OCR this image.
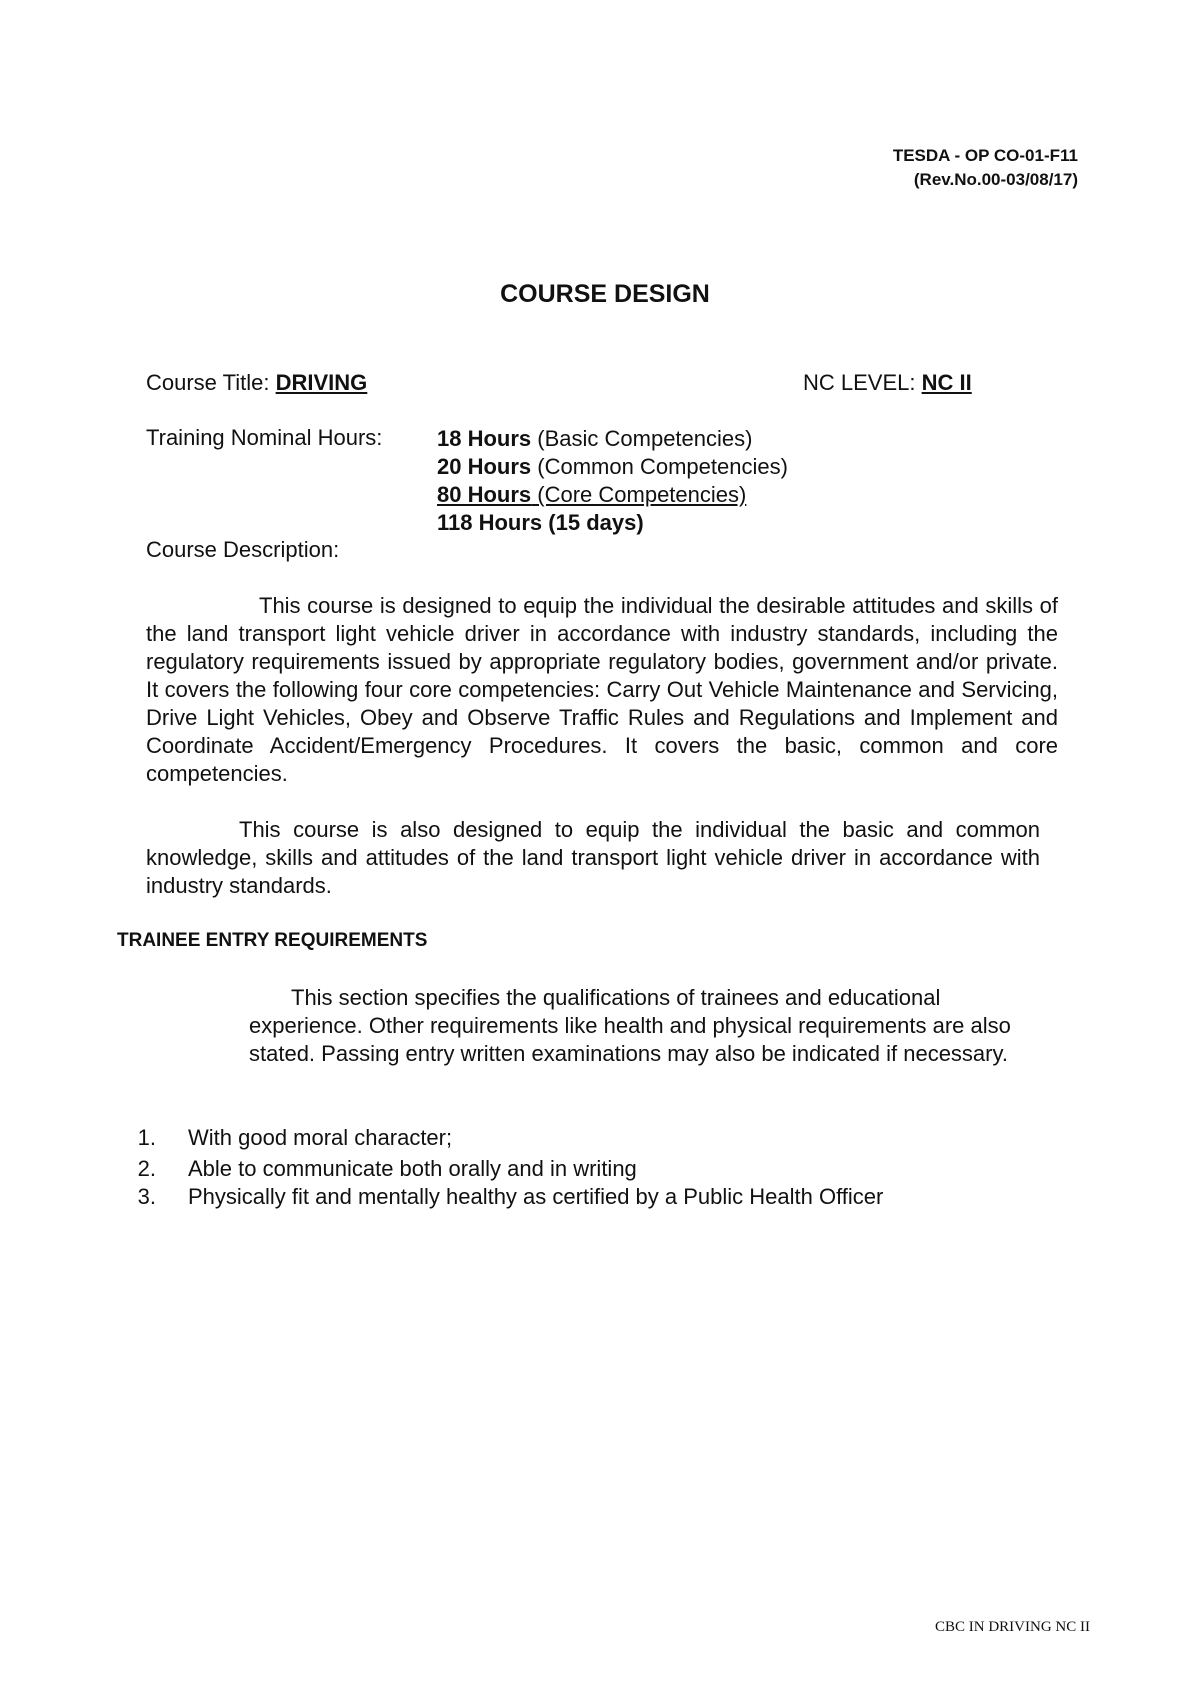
TESDA - OP CO-01-F11
(Rev.No.00-03/08/17)
COURSE DESIGN
Course Title: DRIVING	NC LEVEL: NC II
Training Nominal Hours: 18 Hours (Basic Competencies)
20 Hours (Common Competencies)
80 Hours (Core Competencies)
118 Hours (15 days)
Course Description:
This course is designed to equip the individual the desirable attitudes and skills of the land transport light vehicle driver in accordance with industry standards, including the regulatory requirements issued by appropriate regulatory bodies, government and/or private. It covers the following four core competencies: Carry Out Vehicle Maintenance and Servicing, Drive Light Vehicles, Obey and Observe Traffic Rules and Regulations and Implement and Coordinate Accident/Emergency Procedures. It covers the basic, common and core competencies.
This course is also designed to equip the individual the basic and common knowledge, skills and attitudes of the land transport light vehicle driver in accordance with industry standards.
TRAINEE ENTRY REQUIREMENTS
This section specifies the qualifications of trainees and educational experience. Other requirements like health and physical requirements are also stated. Passing entry written examinations may also be indicated if necessary.
1. With good moral character;
2. Able to communicate both orally and in writing
3. Physically fit and mentally healthy as certified by a Public Health Officer
CBC IN DRIVING NC II
